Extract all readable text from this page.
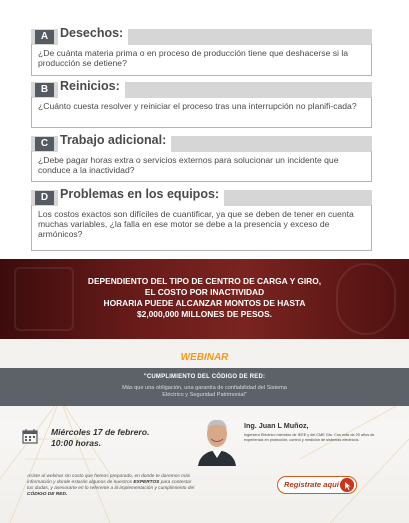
A Desechos:
¿De cuánta materia prima o en proceso de producción tiene que deshacerse si la producción se detiene?
B Reinicios:
¿Cuánto cuesta resolver y reiniciar el proceso tras una interrupción no planifi-cada?
C Trabajo adicional:
¿Debe pagar horas extra o servicios externos para solucionar un incidente que conduce a la inactividad?
D Problemas en los equipos:
Los costos exactos son difíciles de cuantificar, ya que se deben de tener en cuenta muchas variables, ¿la falla en ese motor se debe a la presencia y exceso de armónicos?
DEPENDIENTO DEL TIPO DE CENTRO DE CARGA Y GIRO,
EL COSTO POR INACTIVIDAD
HORARIA PUEDE ALCANZAR MONTOS DE HASTA
$2,000,000 MILLONES DE PESOS.
WEBINAR
"CUMPLIMIENTO DEL CÓDIGO DE RED:
Más que una obligación, una garantía de confiabilidad del Sistema
Eléctrico y Seguridad Patrimonial"
Miércoles 17 de febrero.
10:00 horas.
Ing. Juan L Muñoz,
Ingeniero Eléctrico miembro de IEEE y del CME Gto. Con más de 20 años de experiencia en protección, control y medición de sistemas eléctricos.
Asiste al webinar sin costo que hemos preparado, en donde te daremos más información y donde estarán algunos de nuestros EXPERTOS para contestar tus dudas, y asesorarte en lo referente a la implementación y cumplimiento del CÓDIGO DE RED.
Registrate aquí
